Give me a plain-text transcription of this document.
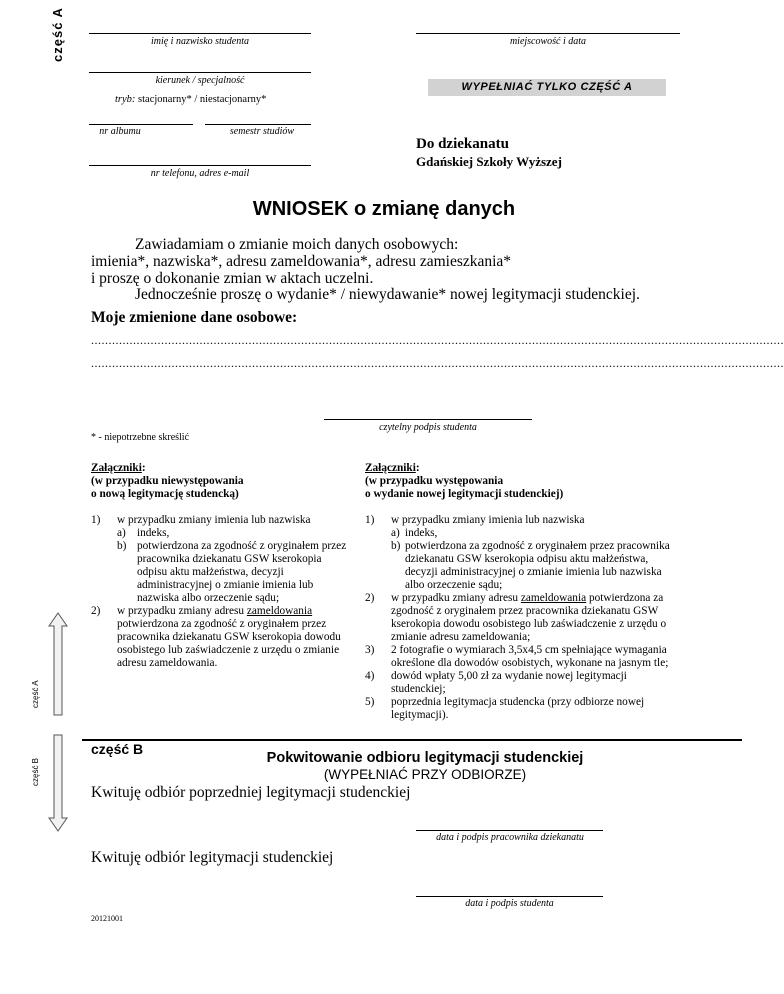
część A	imię i nazwisko studenta	miejscowość i data
kierunek / specjalność
tryb: stacjonarny* / niestacjonarny*
WYPEŁNIAĆ TYLKO CZĘŚĆ A
nr albumu	semestr studiów
Do dziekanatu
Gdańskiej Szkoły Wyższej
nr telefonu, adres e-mail
WNIOSEK o zmianę danych
Zawiadamiam o zmianie moich danych osobowych:
imienia*, nazwiska*, adresu zameldowania*, adresu zamieszkania*
i proszę o dokonanie zmian w aktach uczelni.
Jednocześnie proszę o wydanie* / niewydawanie* nowej legitymacji studenckiej.
Moje zmienione dane osobowe:
......................................................................................................................................................................................................
......................................................................................................................................................................................................
czytelny podpis studenta
* - niepotrzebne skreślić
Załączniki:
(w przypadku niewystępowania
o nową legitymację studencką)
1) w przypadku zmiany imienia lub nazwiska
a) indeks,
b) potwierdzona za zgodność z oryginałem przez pracownika dziekanatu GSW kserokopia odpisu aktu małżeństwa, decyzji administracyjnej o zmianie imienia lub nazwiska albo orzeczenie sądu;
2) w przypadku zmiany adresu zameldowania potwierdzona za zgodność z oryginałem przez pracownika dziekanatu GSW kserokopia dowodu osobistego lub zaświadczenie z urzędu o zmianie adresu zameldowania.
Załączniki:
(w przypadku występowania
o wydanie nowej legitymacji studenckiej)
1) w przypadku zmiany imienia lub nazwiska
a) indeks,
b) potwierdzona za zgodność z oryginałem przez pracownika dziekanatu GSW kserokopia odpisu aktu małżeństwa, decyzji administracyjnej o zmianie imienia lub nazwiska albo orzeczenie sądu;
2) w przypadku zmiany adresu zameldowania potwierdzona za zgodność z oryginałem przez pracownika dziekanatu GSW kserokopia dowodu osobistego lub zaświadczenie z urzędu o zmianie adresu zameldowania;
3) 2 fotografie o wymiarach 3,5x4,5 cm spełniające wymagania określone dla dowodów osobistych, wykonane na jasnym tle;
4) dowód wpłaty 5,00 zł za wydanie nowej legitymacji studenckiej;
5) poprzednia legitymacja studencka (przy odbiorze nowej legitymacji).
część A
część B
część B
Pokwitowanie odbioru legitymacji studenckiej
(WYPEŁNIAĆ PRZY ODBIORZE)
Kwituję odbiór poprzedniej legitymacji studenckiej
data i podpis pracownika dziekanatu
Kwituję odbiór legitymacji studenckiej
data i podpis studenta
20121001
